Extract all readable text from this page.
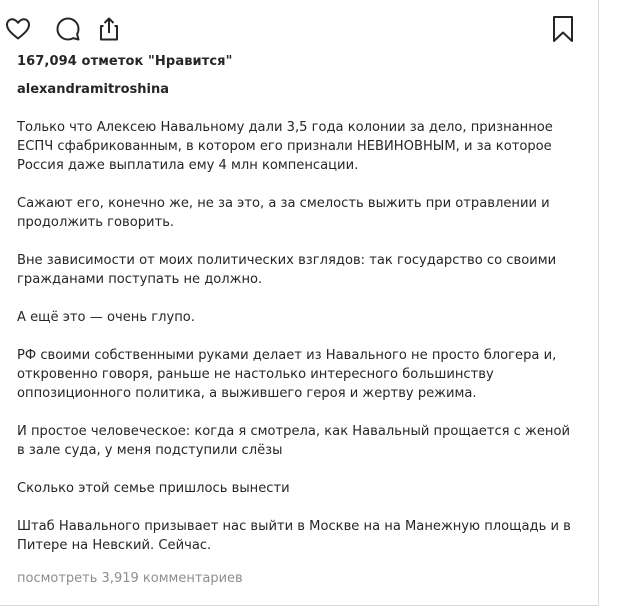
167,094 отметок "Нравится"
alexandramitroshina

Только что Алексею Навальному дали 3,5 года колонии за дело, признанное ЕСПЧ сфабрикованным, в котором его признали НЕВИНОВНЫМ, и за которое Россия даже выплатила ему 4 млн компенсации.

Сажают его, конечно же, не за это, а за смелость выжить при отравлении и продолжить говорить.

Вне зависимости от моих политических взглядов: так государство со своими гражданами поступать не должно.

А ещё это — очень глупо.

РФ своими собственными руками делает из Навального не просто блогера и, откровенно говоря, раньше не настолько интересного большинству оппозиционного политика, а выжившего героя и жертву режима.

И простое человеческое: когда я смотрела, как Навальный прощается с женой в зале суда, у меня подступили слёзы

Сколько этой семье пришлось вынести

Штаб Навального призывает нас выйти в Москве на на Манежную площадь и в Питере на Невский. Сейчас.

посмотреть 3,919 комментариев
